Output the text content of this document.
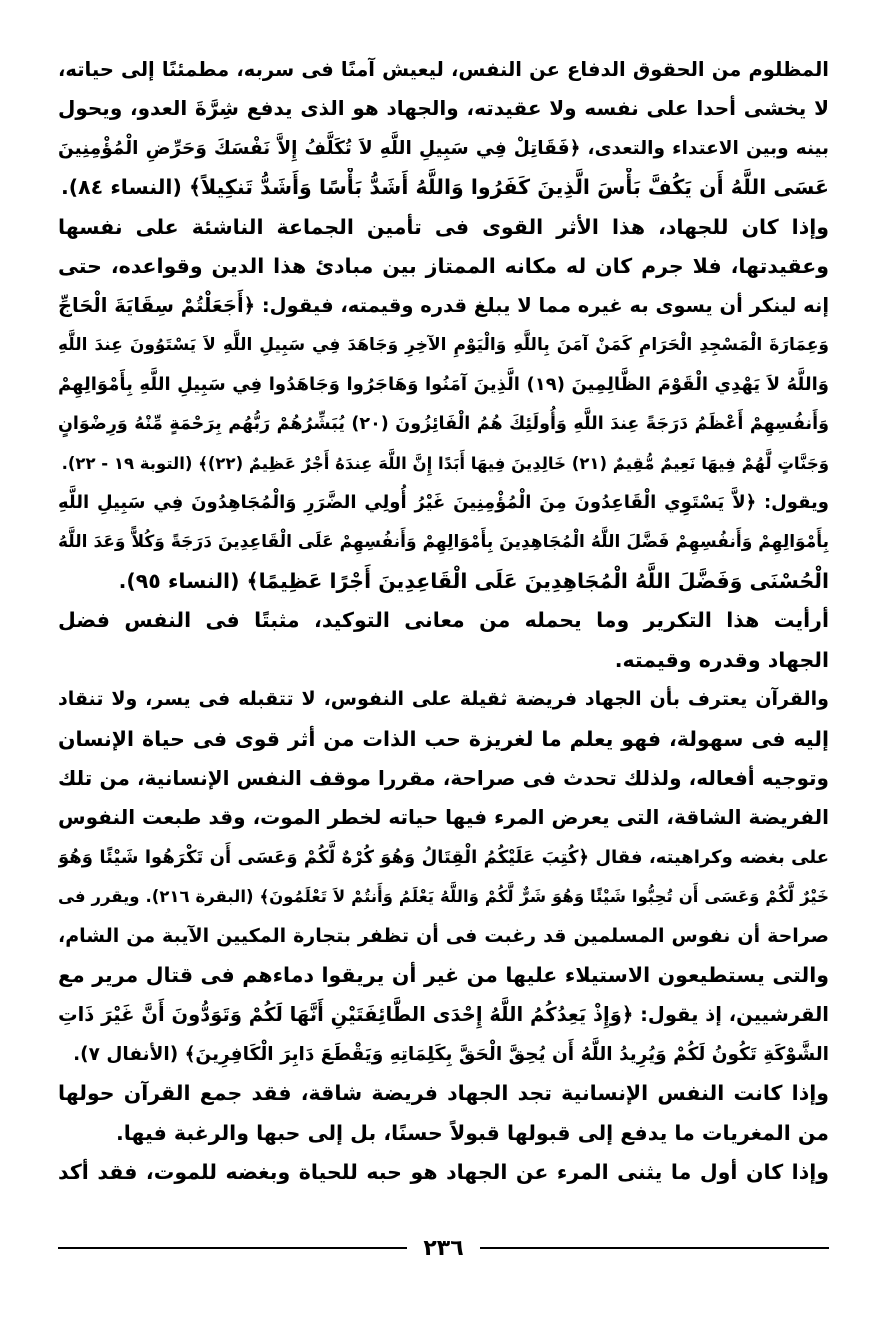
المظلوم من الحقوق الدفاع عن النفس، ليعيش آمنًا فى سربه، مطمئنًا إلى حياته،
لا يخشى أحدا على نفسه ولا عقيدته، والجهاد هو الذى يدفع شِرَّةَ العدو، ويحول
بينه وبين الاعتداء والتعدى، ﴿فَقَاتِلْ فِي سَبِيلِ اللَّهِ لاَ تُكَلَّفُ إِلاَّ نَفْسَكَ وَحَرِّضِ الْمُؤْمِنِينَ
عَسَى اللَّهُ أَن يَكُفَّ بَأْسَ الَّذِينَ كَفَرُوا وَاللَّهُ أَشَدُّ بَأْسًا وَأَشَدُّ تَنكِيلاً﴾ (النساء ٨٤).
وإذا كان للجهاد، هذا الأثر القوى فى تأمين الجماعة الناشئة على نفسها
وعقيدتها، فلا جرم كان له مكانه الممتاز بين مبادئ هذا الدين وقواعده، حتى
إنه لينكر أن يسوى به غيره مما لا يبلغ قدره وقيمته، فيقول: ﴿أَجَعَلْتُمْ سِقَايَةَ الْحَاجِّ
وَعِمَارَةَ الْمَسْجِدِ الْحَرَامِ كَمَنْ آمَنَ بِاللَّهِ وَالْيَوْمِ الآخِرِ وَجَاهَدَ فِي سَبِيلِ اللَّهِ لاَ يَسْتَوُونَ عِندَ اللَّهِ
وَاللَّهُ لاَ يَهْدِي الْقَوْمَ الظَّالِمِينَ (١٩) الَّذِينَ آمَنُوا وَهَاجَرُوا وَجَاهَدُوا فِي سَبِيلِ اللَّهِ بِأَمْوَالِهِمْ
وَأَنفُسِهِمْ أَعْظَمُ دَرَجَةً عِندَ اللَّهِ وَأُولَئِكَ هُمُ الْفَائِزُونَ (٢٠) يُبَشِّرُهُمْ رَبُّهُم بِرَحْمَةٍ مِّنْهُ وَرِضْوَانٍ
وَجَنَّاتٍ لَّهُمْ فِيهَا نَعِيمٌ مُّقِيمٌ (٢١) خَالِدِينَ فِيهَا أَبَدًا إِنَّ اللَّهَ عِندَهُ أَجْرٌ عَظِيمٌ (٢٢)﴾ (التوبة ١٩ - ٢٢).
ويقول: ﴿لاَّ يَسْتَوِي الْقَاعِدُونَ مِنَ الْمُؤْمِنِينَ غَيْرُ أُولِي الضَّرَرِ وَالْمُجَاهِدُونَ فِي سَبِيلِ اللَّهِ
بِأَمْوَالِهِمْ وَأَنفُسِهِمْ فَضَّلَ اللَّهُ الْمُجَاهِدِينَ بِأَمْوَالِهِمْ وَأَنفُسِهِمْ عَلَى الْقَاعِدِينَ دَرَجَةً وَكُلاًّ وَعَدَ اللَّهُ
الْحُسْنَى وَفَضَّلَ اللَّهُ الْمُجَاهِدِينَ عَلَى الْقَاعِدِينَ أَجْرًا عَظِيمًا﴾ (النساء ٩٥).
أرأيت هذا التكرير وما يحمله من معانى التوكيد، مثبتًا فى النفس فضل
الجهاد وقدره وقيمته.
والقرآن يعترف بأن الجهاد فريضة ثقيلة على النفوس، لا تتقبله فى يسر، ولا تنقاد
إليه فى سهولة، فهو يعلم ما لغريزة حب الذات من أثر قوى فى حياة الإنسان
وتوجيه أفعاله، ولذلك تحدث فى صراحة، مقررا موقف النفس الإنسانية، من تلك
الفريضة الشاقة، التى يعرض المرء فيها حياته لخطر الموت، وقد طبعت النفوس
على بغضه وكراهيته، فقال ﴿كُتِبَ عَلَيْكُمُ الْقِتَالُ وَهُوَ كُرْهٌ لَّكُمْ وَعَسَى أَن تَكْرَهُوا شَيْئًا وَهُوَ
خَيْرٌ لَّكُمْ وَعَسَى أَن تُحِبُّوا شَيْئًا وَهُوَ شَرٌّ لَّكُمْ وَاللَّهُ يَعْلَمُ وَأَنتُمْ لاَ تَعْلَمُونَ﴾ (البقرة ٢١٦). ويقرر فى
صراحة أن نفوس المسلمين قد رغبت فى أن تظفر بتجارة المكيين الآيبة من الشام،
والتى يستطيعون الاستيلاء عليها من غير أن يريقوا دماءهم فى قتال مرير مع
القرشيين، إذ يقول: ﴿وَإِذْ يَعِدُكُمُ اللَّهُ إِحْدَى الطَّائِفَتَيْنِ أَنَّهَا لَكُمْ وَتَوَدُّونَ أَنَّ غَيْرَ ذَاتِ
الشَّوْكَةِ تَكُونُ لَكُمْ وَيُرِيدُ اللَّهُ أَن يُحِقَّ الْحَقَّ بِكَلِمَاتِهِ وَيَقْطَعَ دَابِرَ الْكَافِرِينَ﴾ (الأنفال ٧).
وإذا كانت النفس الإنسانية تجد الجهاد فريضة شاقة، فقد جمع القرآن حولها
من المغريات ما يدفع إلى قبولها قبولاً حسنًا، بل إلى حبها والرغبة فيها.
وإذا كان أول ما يثنى المرء عن الجهاد هو حبه للحياة وبغضه للموت، فقد أكد
٢٣٦
